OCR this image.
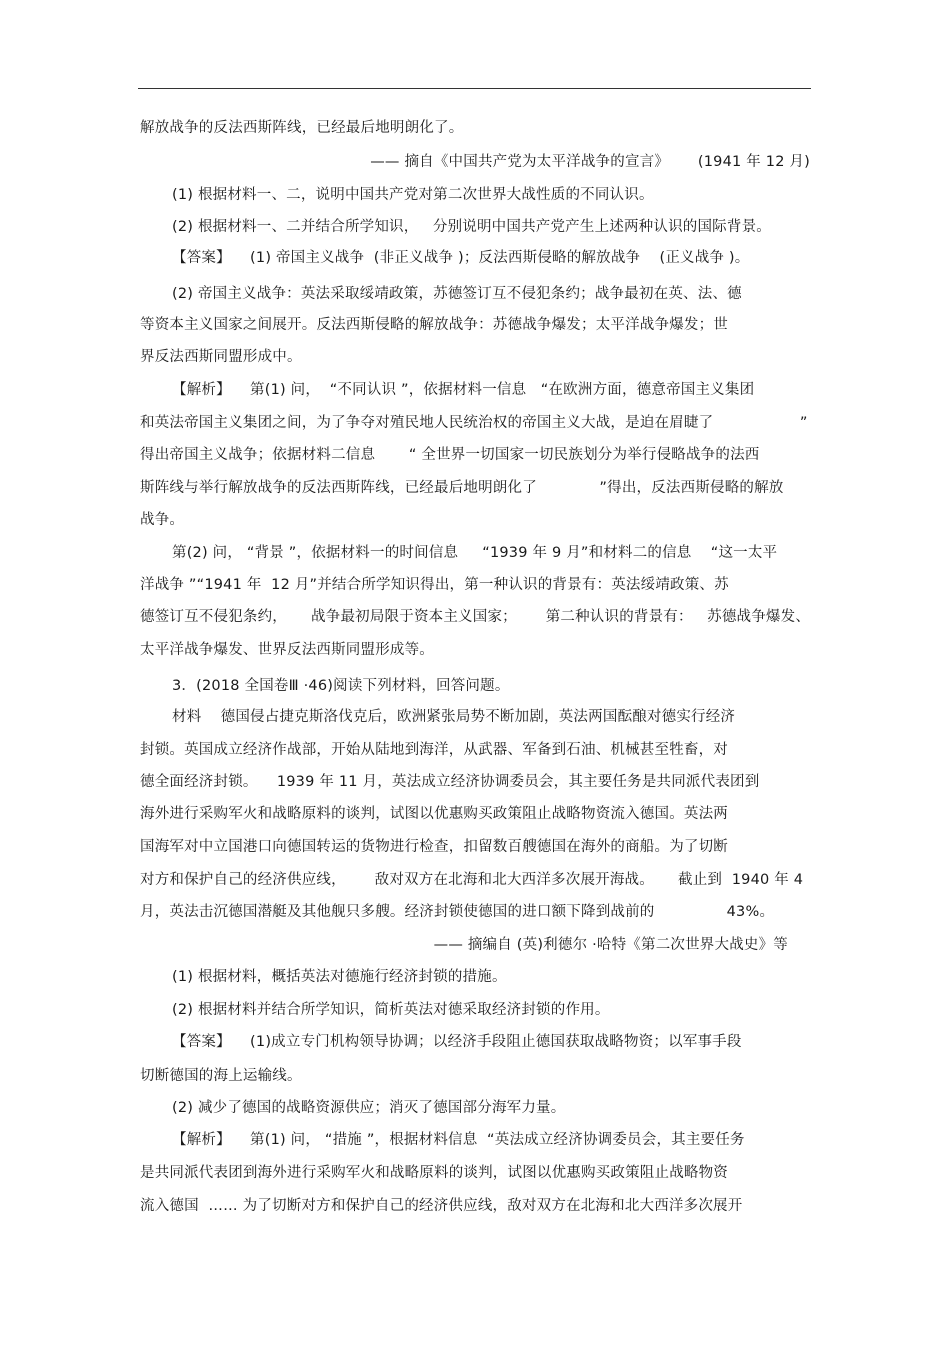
解放战争的反法西斯阵线，已经最后地明朗化了。
—— 摘自《中国共产党为太平洋战争的宣言》      (1941 年 12 月)
(1) 根据材料一、二，说明中国共产党对第二次世界大战性质的不同认识。
(2) 根据材料一、二并结合所学知识，   分别说明中国共产党产生上述两种认识的国际背景。
【答案】    (1) 帝国主义战争  (非正义战争 )；反法西斯侵略的解放战争    (正义战争 )。
(2) 帝国主义战争：英法采取绥靖政策，苏德签订互不侵犯条约；战争最初在英、法、德
等资本主义国家之间展开。反法西斯侵略的解放战争：苏德战争爆发；太平洋战争爆发；世
界反法西斯同盟形成中。
【解析】    第(1) 问，  “不同认识 ”，依据材料一信息   “在欧洲方面，德意帝国主义集团
和英法帝国主义集团之间，为了争夺对殖民地人民统治权的帝国主义大战，是迫在眉睫了                  ”
得出帝国主义战争；依据材料二信息       “ 全世界一切国家一切民族划分为举行侵略战争的法西
斯阵线与举行解放战争的反法西斯阵线，已经最后地明朗化了             ”得出，反法西斯侵略的解放
战争。
第(2) 问， “背景 ”，依据材料一的时间信息     “1939 年 9 月”和材料二的信息    “这一太平
洋战争 ”“1941 年  12 月”并结合所学知识得出，第一种认识的背景有：英法绥靖政策、苏
德签订互不侵犯条约，     战争最初局限于资本主义国家；      第二种认识的背景有：   苏德战争爆发、
太平洋战争爆发、世界反法西斯同盟形成等。
3．(2018 全国卷Ⅲ ·46)阅读下列材料，回答问题。
材料    德国侵占捷克斯洛伐克后，欧洲紧张局势不断加剧，英法两国酝酿对德实行经济
封锁。英国成立经济作战部，开始从陆地到海洋，从武器、军备到石油、机械甚至牲畜，对
德全面经济封锁。    1939 年 11 月，英法成立经济协调委员会，其主要任务是共同派代表团到
海外进行采购军火和战略原料的谈判，试图以优惠购买政策阻止战略物资流入德国。英法两
国海军对中立国港口向德国转运的货物进行检查，扣留数百艘德国在海外的商船。为了切断
对方和保护自己的经济供应线，      敌对双方在北海和北大西洋多次展开海战。     截止到  1940 年 4
月，英法击沉德国潜艇及其他舰只多艘。经济封锁使德国的进口额下降到战前的               43%。
—— 摘编自 (英)利德尔 ·哈特《第二次世界大战史》等
(1) 根据材料，概括英法对德施行经济封锁的措施。
(2) 根据材料并结合所学知识，简析英法对德采取经济封锁的作用。
【答案】    (1)成立专门机构领导协调；以经济手段阻止德国获取战略物资；以军事手段
切断德国的海上运输线。
(2) 减少了德国的战略资源供应；消灭了德国部分海军力量。
【解析】    第(1) 问， “措施 ”，根据材料信息  “英法成立经济协调委员会，其主要任务
是共同派代表团到海外进行采购军火和战略原料的谈判，试图以优惠购买政策阻止战略物资
流入德国  …… 为了切断对方和保护自己的经济供应线，敌对双方在北海和北大西洋多次展开
